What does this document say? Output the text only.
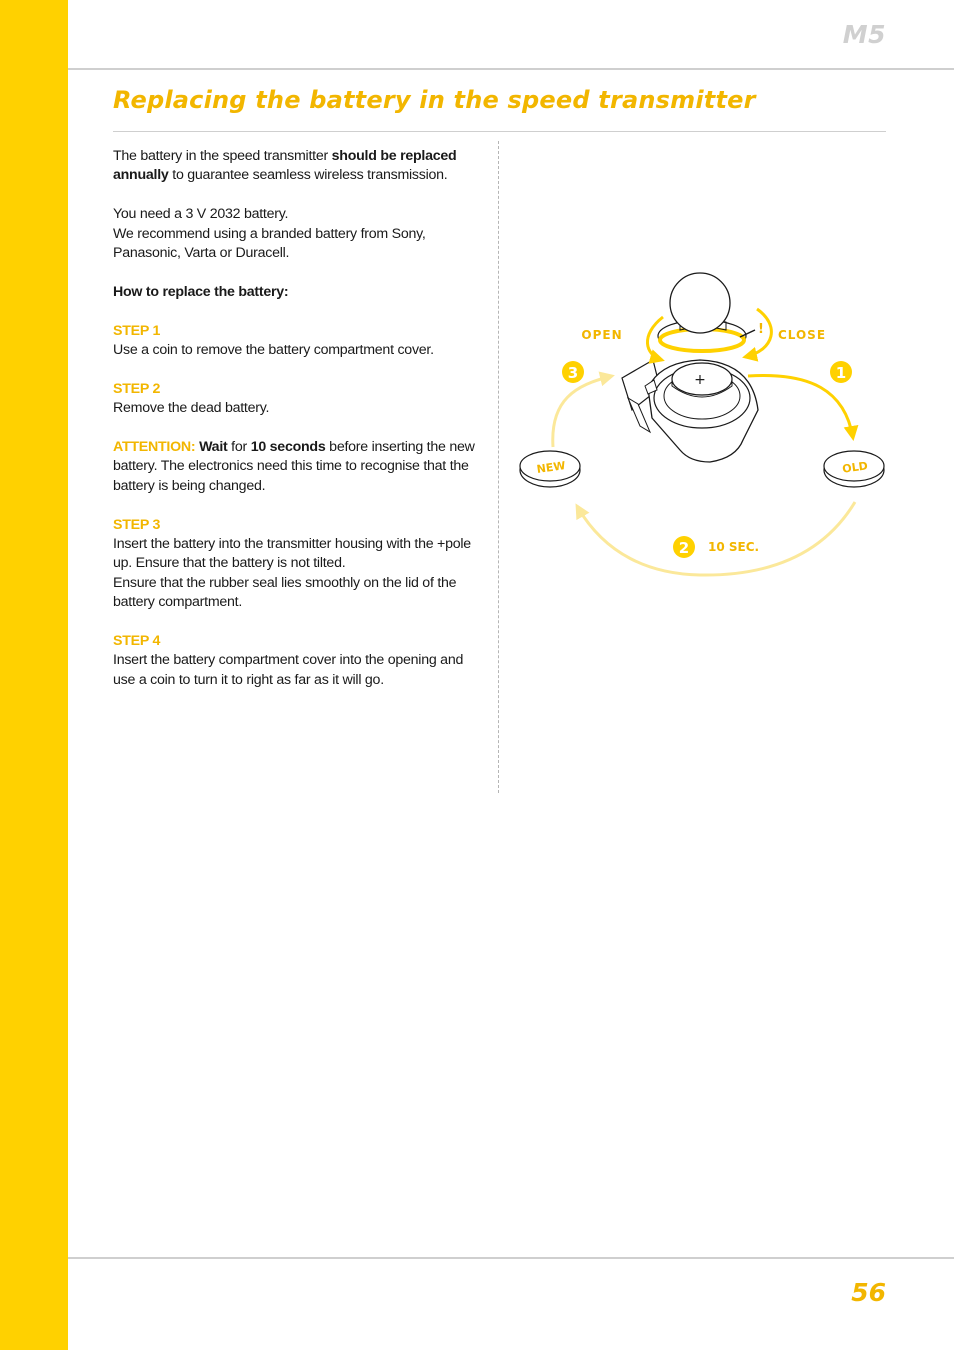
M5
Replacing the battery in the speed transmitter

The battery in the speed transmitter should be replaced annually to guarantee seamless wireless transmission.

You need a 3 V 2032 battery.
We recommend using a branded battery from Sony, Panasonic, Varta or Duracell.

How to replace the battery:

STEP 1
Use a coin to remove the battery compartment cover.

STEP 2
Remove the dead battery.

ATTENTION: Wait for 10 seconds before inserting the new battery. The electronics need this time to recognise that the battery is being changed.

STEP 3
Insert the battery into the transmitter housing with the +pole up. Ensure that the battery is not tilted.
Ensure that the rubber seal lies smoothly on the lid of the battery compartment.

STEP 4
Insert the battery compartment cover into the opening and use a coin to turn it to right as far as it will go.

+
!
OPEN	CLOSE
3	1
2 10 SEC.
NEW	OLD
56
